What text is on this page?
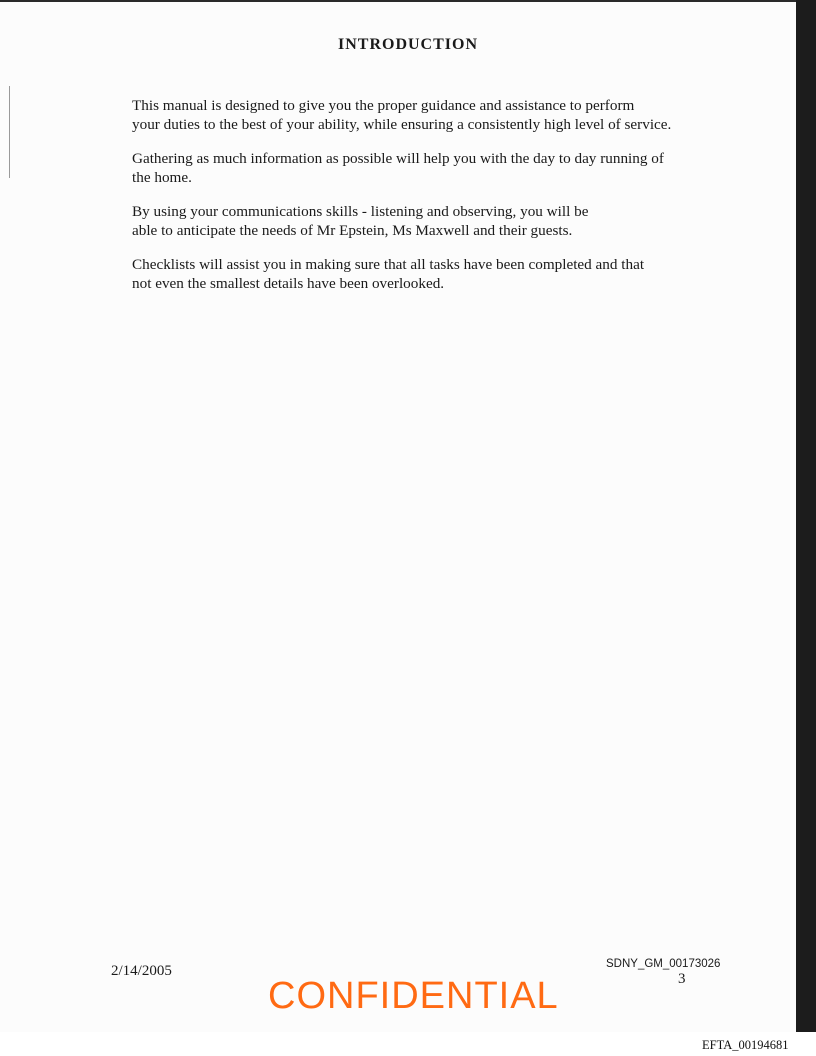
INTRODUCTION

This manual is designed to give you the proper guidance and assistance to perform
your duties to the best of your ability, while ensuring a consistently high level of service.

Gathering as much information as possible will help you with the day to day running of
the home.

By using your communications skills - listening and observing, you will be
able to anticipate the needs of Mr Epstein, Ms Maxwell and their guests.

Checklists will assist you in making sure that all tasks have been completed and that
not even the smallest details have been overlooked.

2/14/2005	SDNY_GM_00173026
3
CONFIDENTIAL
EFTA_00194681
